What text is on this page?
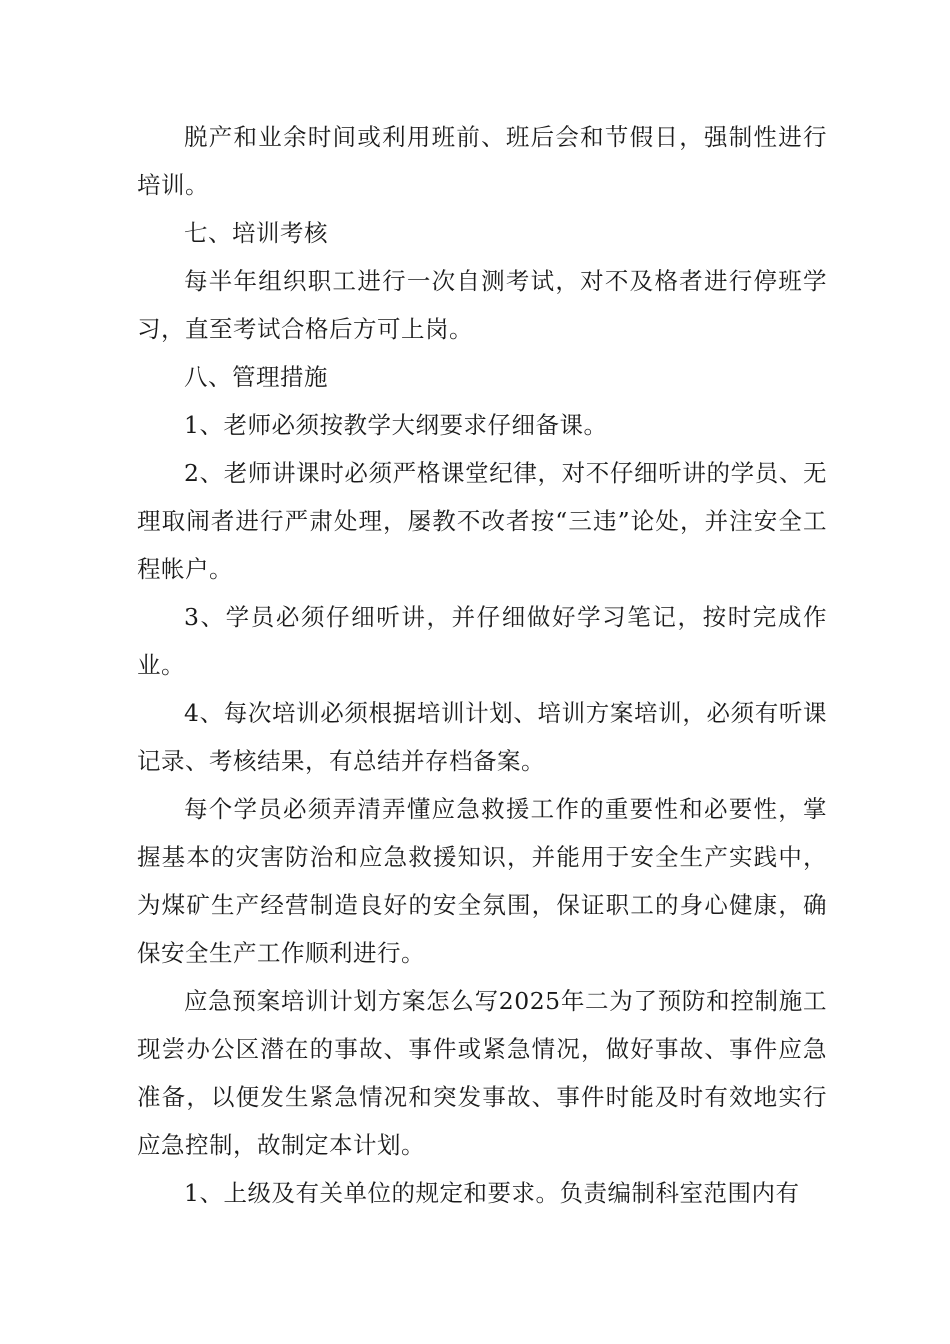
脱产和业余时间或利用班前、班后会和节假日，强制性进行培训。

七、培训考核

每半年组织职工进行一次自测考试，对不及格者进行停班学习，直至考试合格后方可上岗。

八、管理措施

1、老师必须按教学大纲要求仔细备课。

2、老师讲课时必须严格课堂纪律，对不仔细听讲的学员、无理取闹者进行严肃处理，屡教不改者按“三违”论处，并注安全工程帐户。

3、学员必须仔细听讲，并仔细做好学习笔记，按时完成作业。

4、每次培训必须根据培训计划、培训方案培训，必须有听课记录、考核结果，有总结并存档备案。

每个学员必须弄清弄懂应急救援工作的重要性和必要性，掌握基本的灾害防治和应急救援知识，并能用于安全生产实践中，为煤矿生产经营制造良好的安全氛围，保证职工的身心健康，确保安全生产工作顺利进行。

应急预案培训计划方案怎么写2025年二为了预防和控制施工现尝办公区潜在的事故、事件或紧急情况，做好事故、事件应急准备，以便发生紧急情况和突发事故、事件时能及时有效地实行应急控制，故制定本计划。

1、上级及有关单位的规定和要求。负责编制科室范围内有
